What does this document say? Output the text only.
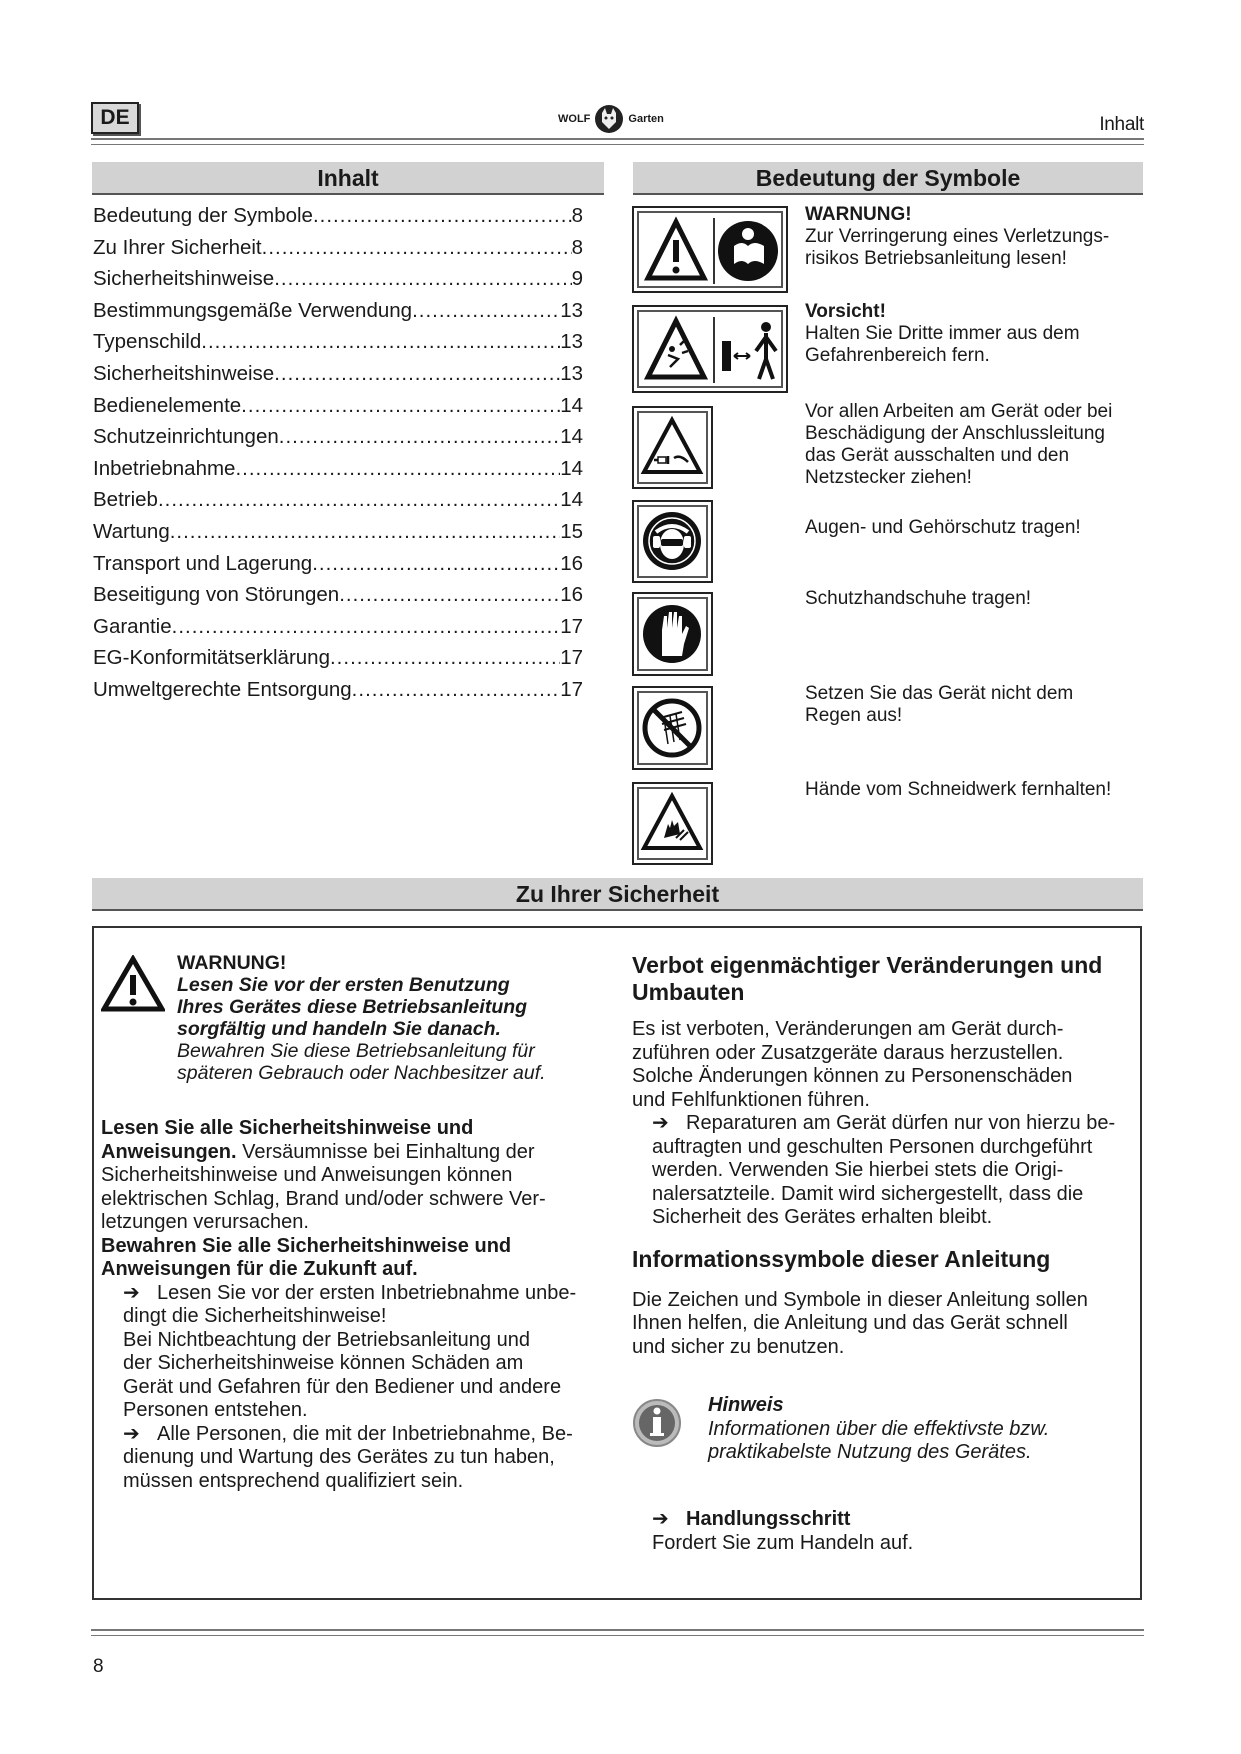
DE	WOLF	Garten	Inhalt
Inhalt
Bedeutung der Symbole .....	8
Zu Ihrer Sicherheit .....	8
Sicherheitshinweise .....	9
Bestimmungsgemäße Verwendung .....	13
Typenschild .....	13
Sicherheitshinweise .....	13
Bedienelemente .....	14
Schutzeinrichtungen .....	14
Inbetriebnahme .....	14
Betrieb .....	14
Wartung .....	15
Transport und Lagerung .....	16
Beseitigung von Störungen .....	16
Garantie .....	17
EG-Konformitätserklärung .....	17
Umweltgerechte Entsorgung .....	17
Bedeutung der Symbole
WARNUNG!
Zur Verringerung eines Verletzungs-
risikos Betriebsanleitung lesen!
Vorsicht!
Halten Sie Dritte immer aus dem
Gefahrenbereich fern.
Vor allen Arbeiten am Gerät oder bei
Beschädigung der Anschlussleitung
das Gerät ausschalten und den
Netzstecker ziehen!
Augen- und Gehörschutz tragen!
Schutzhandschuhe tragen!
Setzen Sie das Gerät nicht dem
Regen aus!
Hände vom Schneidwerk fernhalten!
Zu Ihrer Sicherheit
WARNUNG!
Lesen Sie vor der ersten Benutzung
Ihres Gerätes diese Betriebsanleitung
sorgfältig und handeln Sie danach.
Bewahren Sie diese Betriebsanleitung für
späteren Gebrauch oder Nachbesitzer auf.
Lesen Sie alle Sicherheitshinweise und
Anweisungen. Versäumnisse bei Einhaltung der
Sicherheitshinweise und Anweisungen können
elektrischen Schlag, Brand und/oder schwere Ver-
letzungen verursachen.
Bewahren Sie alle Sicherheitshinweise und
Anweisungen für die Zukunft auf.
➔ Lesen Sie vor der ersten Inbetriebnahme unbe-
dingt die Sicherheitshinweise!
Bei Nichtbeachtung der Betriebsanleitung und
der Sicherheitshinweise können Schäden am
Gerät und Gefahren für den Bediener und andere
Personen entstehen.
➔ Alle Personen, die mit der Inbetriebnahme, Be-
dienung und Wartung des Gerätes zu tun haben,
müssen entsprechend qualifiziert sein.
Verbot eigenmächtiger Veränderungen und
Umbauten
Es ist verboten, Veränderungen am Gerät durch-
zuführen oder Zusatzgeräte daraus herzustellen.
Solche Änderungen können zu Personenschäden
und Fehlfunktionen führen.
➔ Reparaturen am Gerät dürfen nur von hierzu be-
auftragten und geschulten Personen durchgeführt
werden. Verwenden Sie hierbei stets die Origi-
nalersatzteile. Damit wird sichergestellt, dass die
Sicherheit des Gerätes erhalten bleibt.
Informationssymbole dieser Anleitung
Die Zeichen und Symbole in dieser Anleitung sollen
Ihnen helfen, die Anleitung und das Gerät schnell
und sicher zu benutzen.
Hinweis
Informationen über die effektivste bzw.
praktikabelste Nutzung des Gerätes.
➔ Handlungsschritt
Fordert Sie zum Handeln auf.
8
